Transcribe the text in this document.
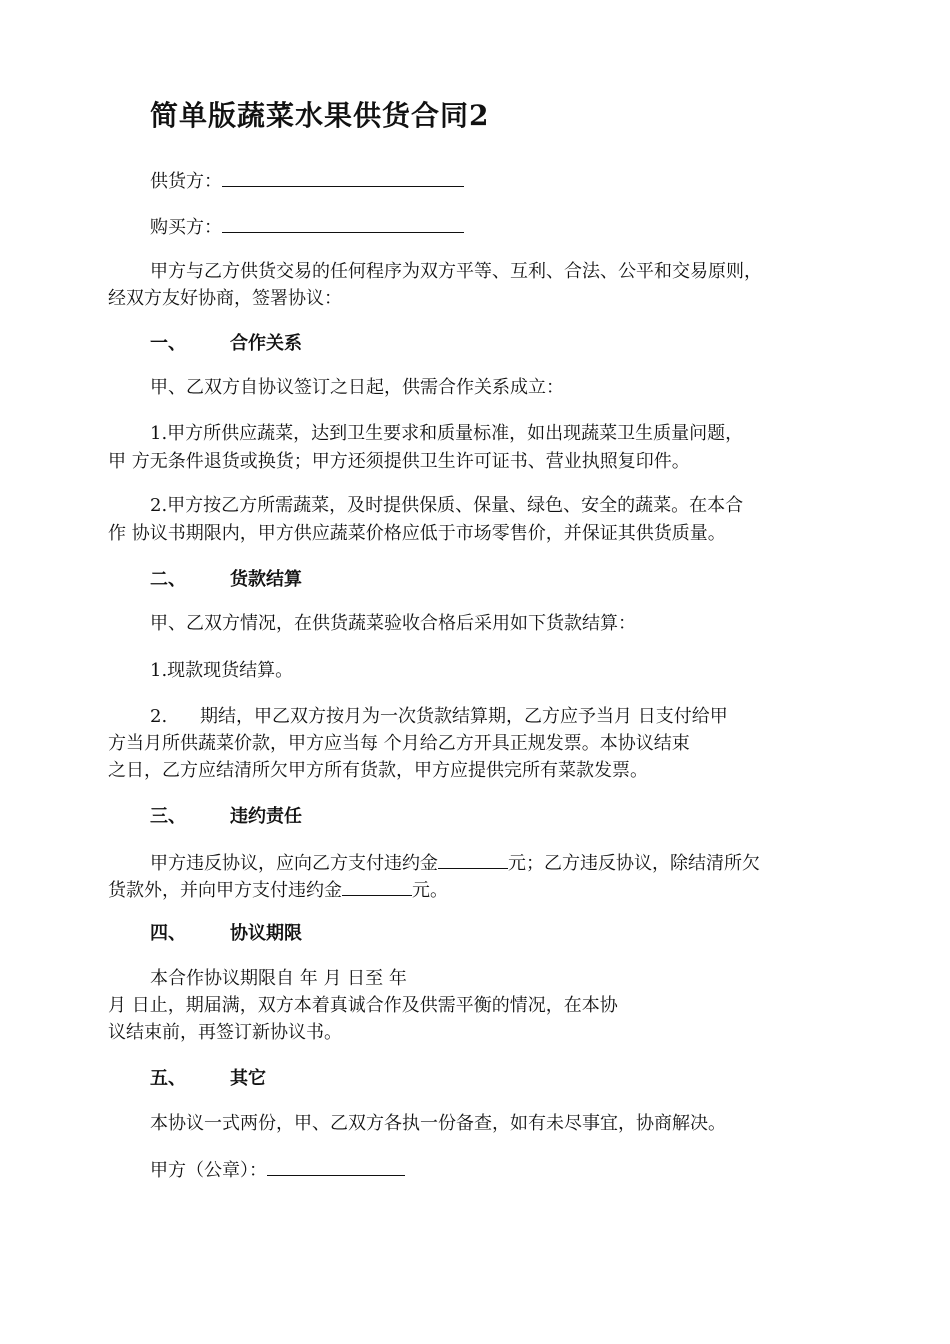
简单版蔬菜水果供货合同2
供货方：
购买方：
甲方与乙方供货交易的任何程序为双方平等、互利、合法、公平和交易原则，
经双方友好协商，签署协议：
一、 合作关系
甲、乙双方自协议签订之日起，供需合作关系成立：
1.甲方所供应蔬菜，达到卫生要求和质量标准，如出现蔬菜卫生质量问题，
甲 方无条件退货或换货；甲方还须提供卫生许可证书、营业执照复印件。
2.甲方按乙方所需蔬菜，及时提供保质、保量、绿色、安全的蔬菜。在本合
作 协议书期限内，甲方供应蔬菜价格应低于市场零售价，并保证其供货质量。
二、 货款结算
甲、乙双方情况，在供货蔬菜验收合格后采用如下货款结算：
1.现款现货结算。
2. 期结，甲乙双方按月为一次货款结算期，乙方应予当月 日支付给甲
方当月所供蔬菜价款，甲方应当每 个月给乙方开具正规发票。本协议结束
之日，乙方应结清所欠甲方所有货款，甲方应提供完所有菜款发票。
三、 违约责任
甲方违反协议，应向乙方支付违约金	元；乙方违反协议，除结清所欠
货款外，并向甲方支付违约金	元。
四、 协议期限
本合作协议期限自 年 月 日至 年
月 日止，期届满，双方本着真诚合作及供需平衡的情况，在本协
议结束前，再签订新协议书。
五、 其它
本协议一式两份，甲、乙双方各执一份备查，如有未尽事宜，协商解决。
甲方（公章）：
